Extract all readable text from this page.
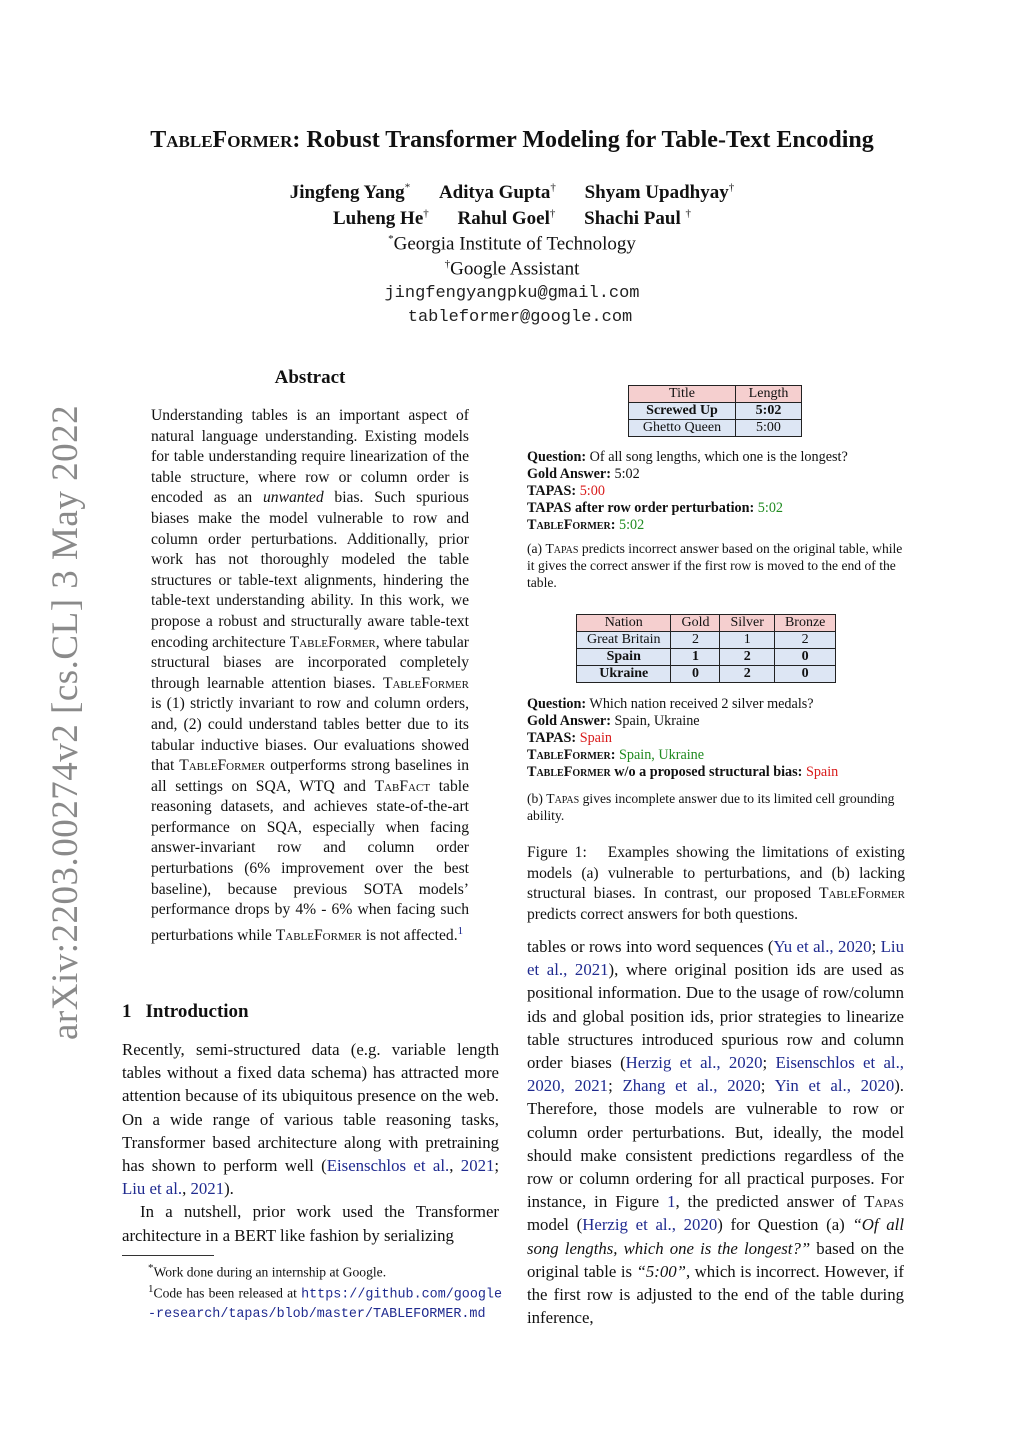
arXiv:2203.00274v2 [cs.CL] 3 May 2022
TableFormer: Robust Transformer Modeling for Table-Text Encoding
Jingfeng Yang* Aditya Gupta† Shyam Upadhyay†
Luheng He† Rahul Goel† Shachi Paul †
*Georgia Institute of Technology
†Google Assistant
jingfengyangpku@gmail.com
tableformer@google.com
Abstract
Understanding tables is an important aspect of natural language understanding. Existing models for table understanding require linearization of the table structure, where row or column order is encoded as an unwanted bias. Such spurious biases make the model vulnerable to row and column order perturbations. Additionally, prior work has not thoroughly modeled the table structures or table-text alignments, hindering the table-text understanding ability. In this work, we propose a robust and structurally aware table-text encoding architecture TableFormer, where tabular structural biases are incorporated completely through learnable attention biases. TableFormer is (1) strictly invariant to row and column orders, and, (2) could understand tables better due to its tabular inductive biases. Our evaluations showed that TableFormer outperforms strong baselines in all settings on SQA, WTQ and TabFact table reasoning datasets, and achieves state-of-the-art performance on SQA, especially when facing answer-invariant row and column order perturbations (6% improvement over the best baseline), because previous SOTA models’ performance drops by 4% - 6% when facing such perturbations while TableFormer is not affected.$^1$
1 Introduction

Recently, semi-structured data (e.g. variable length tables without a fixed data schema) has attracted more attention because of its ubiquitous presence on the web. On a wide range of various table reasoning tasks, Transformer based architecture along with pretraining has shown to perform well (Eisenschlos et al., 2021; Liu et al., 2021).

In a nutshell, prior work used the Transformer architecture in a BERT like fashion by serializing

*Work done during an internship at Google.
$^1$Code has been released at https://github.com/google-research/tapas/blob/master/TABLEFORMER.md
Title	Length
Screwed Up	5:02
Ghetto Queen	5:00
Question: Of all song lengths, which one is the longest?
Gold Answer: 5:02
TAPAS: 5:00
TAPAS after row order perturbation: 5:02
TableFormer: 5:02
(a) Tapas predicts incorrect answer based on the original table, while it gives the correct answer if the first row is moved to the end of the table.
Nation	Gold	Silver	Bronze
Great Britain	2	1	2
Spain	1	2	0
Ukraine	0	2	0
Question: Which nation received 2 silver medals?
Gold Answer: Spain, Ukraine
TAPAS: Spain
TableFormer: Spain, Ukraine
TableFormer w/o a proposed structural bias: Spain
(b) Tapas gives incomplete answer due to its limited cell grounding ability.
Figure 1: Examples showing the limitations of existing models (a) vulnerable to perturbations, and (b) lacking structural biases. In contrast, our proposed TableFormer predicts correct answers for both questions.
tables or rows into word sequences (Yu et al., 2020; Liu et al., 2021), where original position ids are used as positional information. Due to the usage of row/column ids and global position ids, prior strategies to linearize table structures introduced spurious row and column order biases (Herzig et al., 2020; Eisenschlos et al., 2020, 2021; Zhang et al., 2020; Yin et al., 2020). Therefore, those models are vulnerable to row or column order perturbations. But, ideally, the model should make consistent predictions regardless of the row or column ordering for all practical purposes. For instance, in Figure 1, the predicted answer of Tapas model (Herzig et al., 2020) for Question (a) “Of all song lengths, which one is the longest?” based on the original table is “5:00”, which is incorrect. However, if the first row is adjusted to the end of the table during inference,
